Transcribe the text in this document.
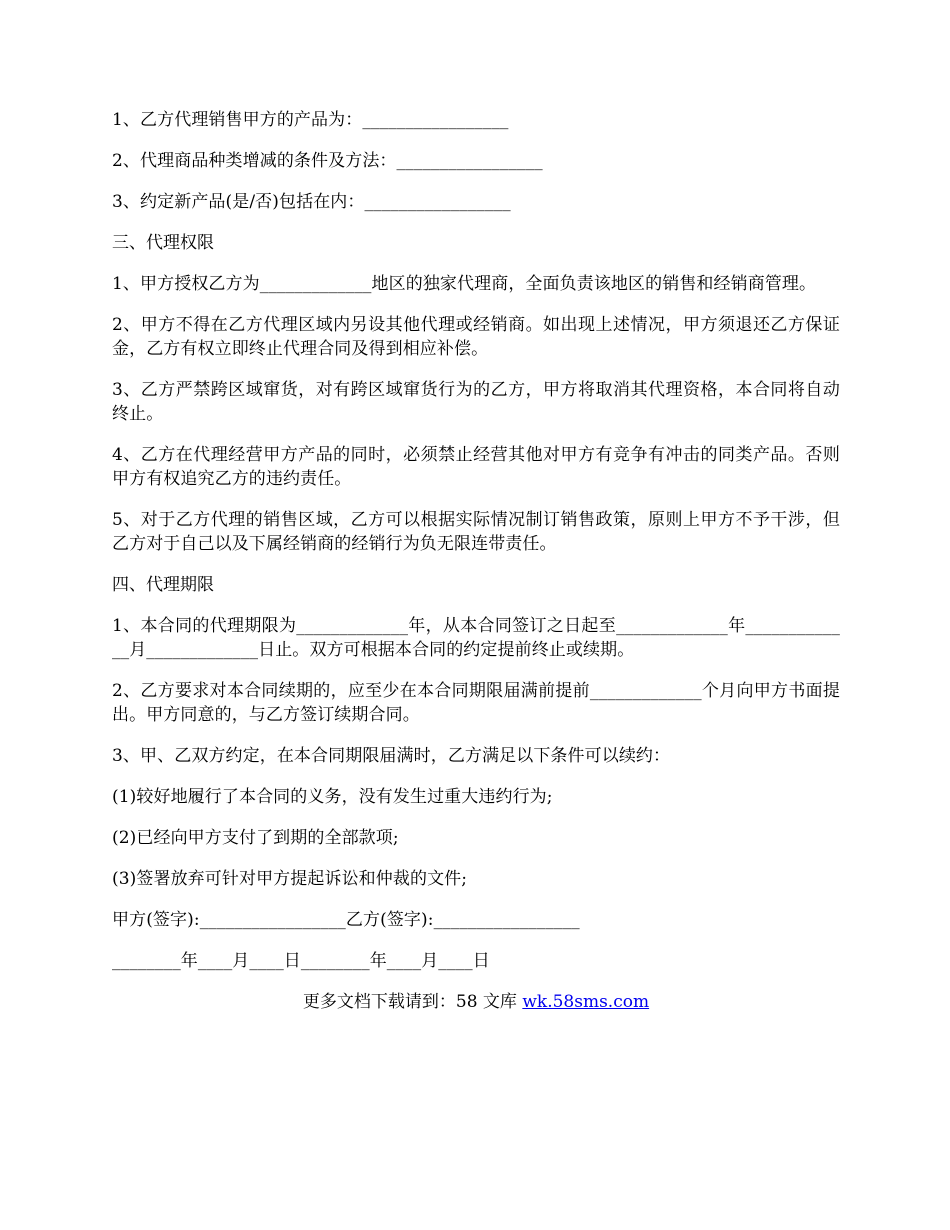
1、乙方代理销售甲方的产品为：_________________

2、代理商品种类增减的条件及方法：_________________

3、约定新产品(是/否)包括在内：_________________

三、代理权限

1、甲方授权乙方为_____________地区的独家代理商，全面负责该地区的销售和经销商管理。

2、甲方不得在乙方代理区域内另设其他代理或经销商。如出现上述情况，甲方须退还乙方保证金，乙方有权立即终止代理合同及得到相应补偿。

3、乙方严禁跨区域窜货，对有跨区域窜货行为的乙方，甲方将取消其代理资格，本合同将自动终止。

4、乙方在代理经营甲方产品的同时，必须禁止经营其他对甲方有竞争有冲击的同类产品。否则甲方有权追究乙方的违约责任。

5、对于乙方代理的销售区域，乙方可以根据实际情况制订销售政策，原则上甲方不予干涉，但乙方对于自己以及下属经销商的经销行为负无限连带责任。

四、代理期限

1、本合同的代理期限为_____________年，从本合同签订之日起至_____________年_____________月_____________日止。双方可根据本合同的约定提前终止或续期。

2、乙方要求对本合同续期的，应至少在本合同期限届满前提前_____________个月向甲方书面提出。甲方同意的，与乙方签订续期合同。

3、甲、乙双方约定，在本合同期限届满时，乙方满足以下条件可以续约：

(1)较好地履行了本合同的义务，没有发生过重大违约行为;

(2)已经向甲方支付了到期的全部款项;

(3)签署放弃可针对甲方提起诉讼和仲裁的文件;

甲方(签字):_________________乙方(签字):_________________

________年____月____日________年____月____日

更多文档下载请到：58 文库 wk.58sms.com
